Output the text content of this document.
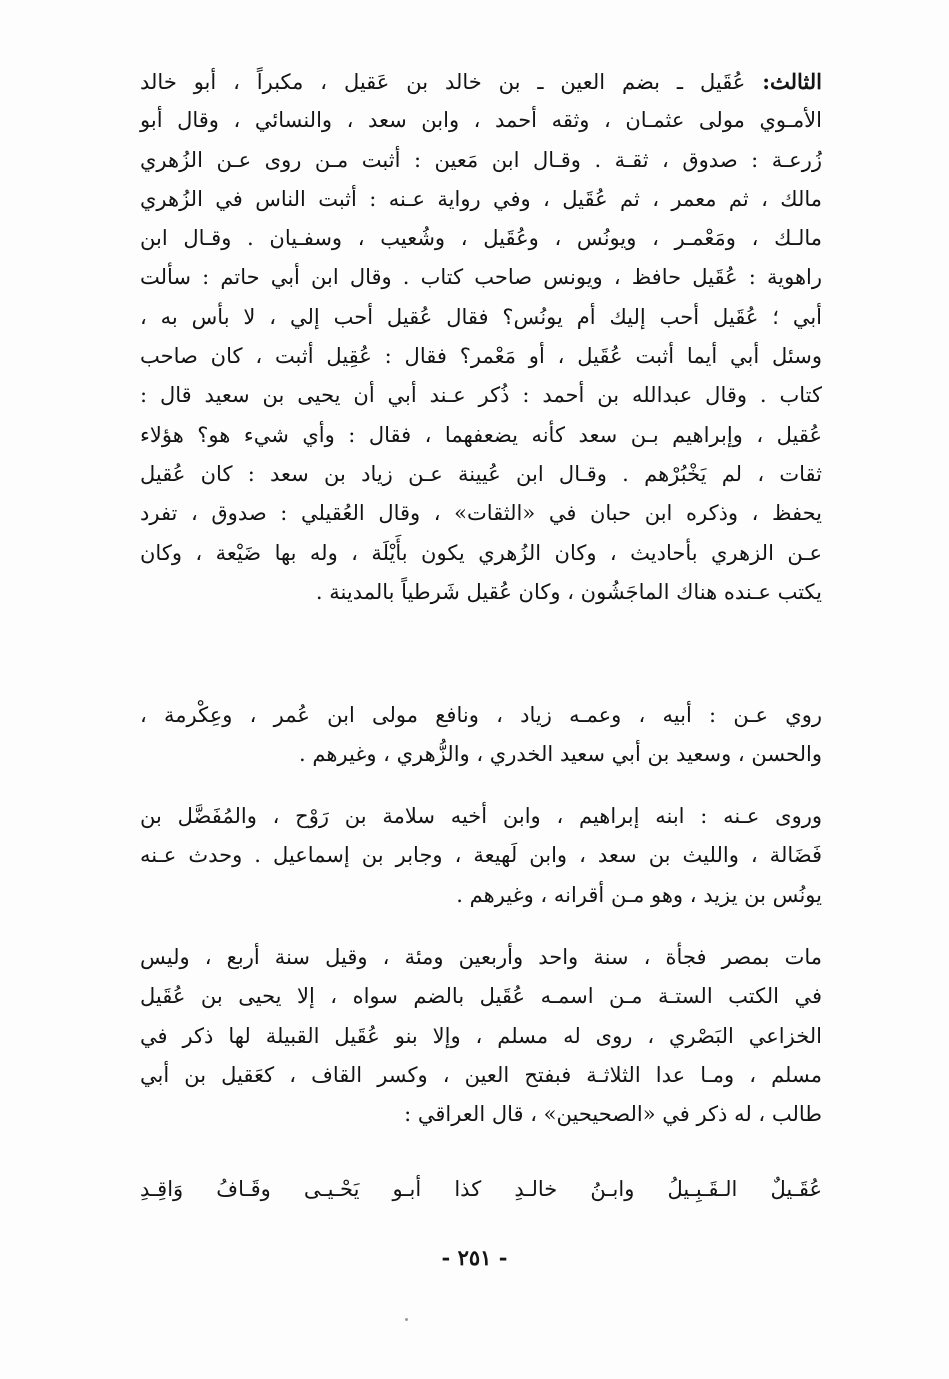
الثالث: عُقَيل ـ بضم العين ـ بن خالد بن عَقيل ، مكبراً ، أبو خالد
الأمـوي مولى عثمـان ، وثقه أحمد ، وابن سعد ، والنسائي ، وقال أبو
زُرعـة : صدوق ، ثقـة . وقـال ابن مَعين : أثبت مـن روى عـن الزُهري
مالك ، ثم معمر ، ثم عُقَيل ، وفي رواية عـنه : أثبت الناس في الزُهري
مالـك ، ومَعْمـر ، ويونُس ، وعُقَيل ، وشُعيب ، وسفـيان . وقـال ابن
راهوية : عُقَيل حافظ ، ويونس صاحب كتاب . وقال ابن أبي حاتم : سألت
أبي ؛ عُقَيل أحب إليك أم يونُس؟ فقال عُقيل أحب إلي ، لا بأس به ،
وسئل أبي أيما أثبت عُقَيل ، أو مَعْمر؟ فقال : عُقِيل أثبت ، كان صاحب
كتاب . وقال عبدالله بن أحمد : ذُكر عـند أبي أن يحيى بن سعيد قال :
عُقيل ، وإبراهيم بـن سعد كأنه يضعفهما ، فقال : وأي شيء هو؟ هؤلاء
ثقات ، لم يَخْبُرْهم . وقـال ابن عُيينة عـن زياد بن سعد : كان عُقيل
يحفظ ، وذكره ابن حبان في «الثقات» ، وقال العُقيلي : صدوق ، تفرد
عـن الزهري بأحاديث ، وكان الزُهري يكون بأَيْلَة ، وله بها ضَيْعة ، وكان
يكتب عـنده هناك الماجَشُون ، وكان عُقيل شَرطياً بالمدينة .
روي عـن : أبيه ، وعمـه زياد ، ونافع مولى ابن عُمر ، وعِكْرمة ،
والحسن ، وسعيد بن أبي سعيد الخدري ، والزُّهري ، وغيرهم .
وروى عـنه : ابنه إبراهيم ، وابن أخيه سلامة بن رَوْح ، والمُفَضَّل بن
فَضَالة ، والليث بن سعد ، وابن لَهيعة ، وجابر بن إسماعيل . وحدث عـنه
يونُس بن يزيد ، وهو مـن أقرانه ، وغيرهم .
مات بمصر فجأة ، سنة واحد وأربعين ومئة ، وقيل سنة أربع ، وليس
في الكتب الستـة مـن اسمـه عُقَيل بالضم سواه ، إلا يحيى بن عُقَيل
الخزاعي البَصْري ، روى له مسلم ، وإلا بنو عُقَيل القبيلة لها ذكر في
مسلم ، ومـا عدا الثلاثـة فبفتح العين ، وكسر القاف ، كعَقيل بن أبي
طالب ، له ذكر في «الصحيحين» ، قال العراقي :
عُقَـيلٌ الـقَـبِـيلُ وابـنُ خالـدِ كذا أبـو يَحْـيـى وقَـافُ وَاقِـدِ
- ٢٥١ -
